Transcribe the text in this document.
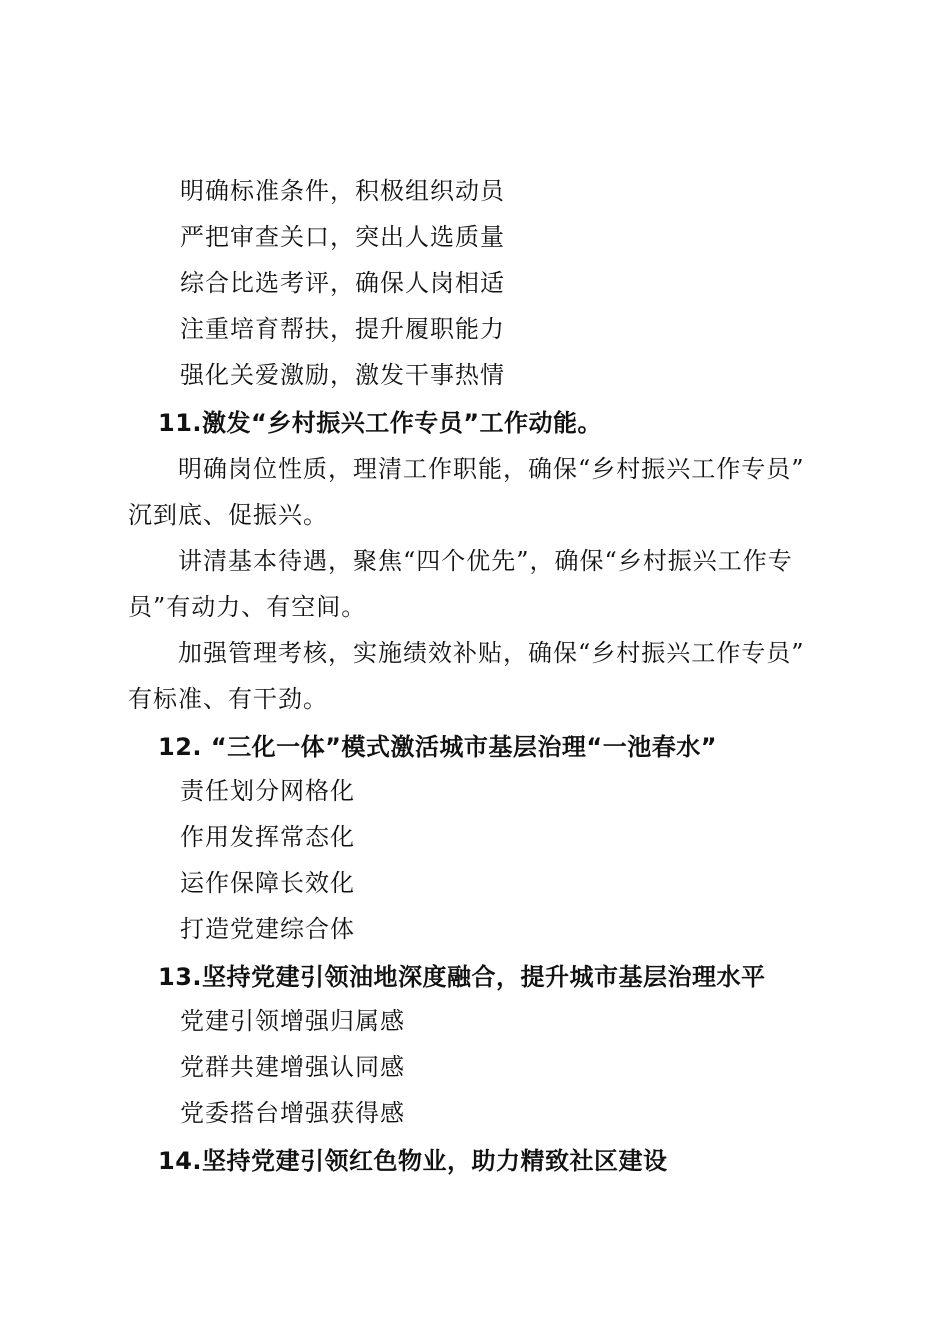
明确标准条件，积极组织动员
严把审查关口，突出人选质量
综合比选考评，确保人岗相适
注重培育帮扶，提升履职能力
强化关爱激励，激发干事热情
11.激发“乡村振兴工作专员”工作动能。
明确岗位性质，理清工作职能，确保“乡村振兴工作专员”
沉到底、促振兴。
讲清基本待遇，聚焦“四个优先”，确保“乡村振兴工作专
员”有动力、有空间。
加强管理考核，实施绩效补贴，确保“乡村振兴工作专员”
有标准、有干劲。
12. “三化一体”模式激活城市基层治理“一池春水”
责任划分网格化
作用发挥常态化
运作保障长效化
打造党建综合体
13.坚持党建引领油地深度融合，提升城市基层治理水平
党建引领增强归属感
党群共建增强认同感
党委搭台增强获得感
14.坚持党建引领红色物业，助力精致社区建设
